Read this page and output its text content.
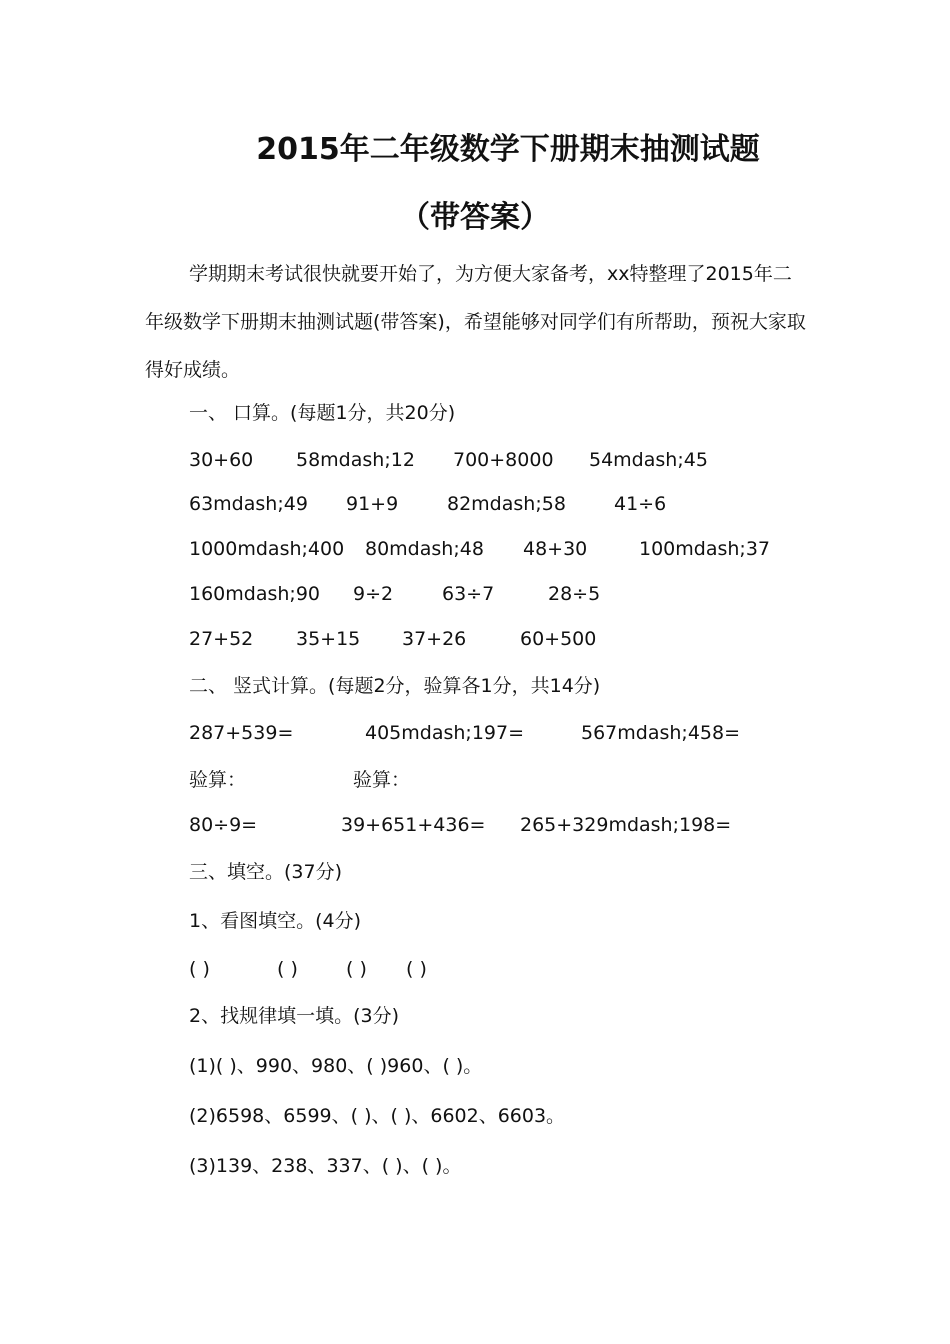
2015年二年级数学下册期末抽测试题
（带答案）

学期期末考试很快就要开始了，为方便大家备考，xx特整理了2015年二年级数学下册期末抽测试题(带答案)，希望能够对同学们有所帮助，预祝大家取得好成绩。

一、 口算。(每题1分，共20分)
30+60 58mdash;12 700+8000 54mdash;45
63mdash;49 91+9	82mdash;58	41÷6
1000mdash;400 80mdash;48 48+30	100mdash;37
160mdash;90 9÷2	63÷7	28÷5
27+52 35+15 37+26	60+500
二、 竖式计算。(每题2分，验算各1分，共14分)
287+539=	405mdash;197=	567mdash;458=
验算：	验算：
80÷9=	39+651+436= 265+329mdash;198=
三、填空。(37分)
1、看图填空。(4分)
( )	( )	( ) ( )
2、找规律填一填。(3分)
(1)( )、990、980、( )960、( )。
(2)6598、6599、( )、( )、6602、6603。
(3)139、238、337、( )、( )。
